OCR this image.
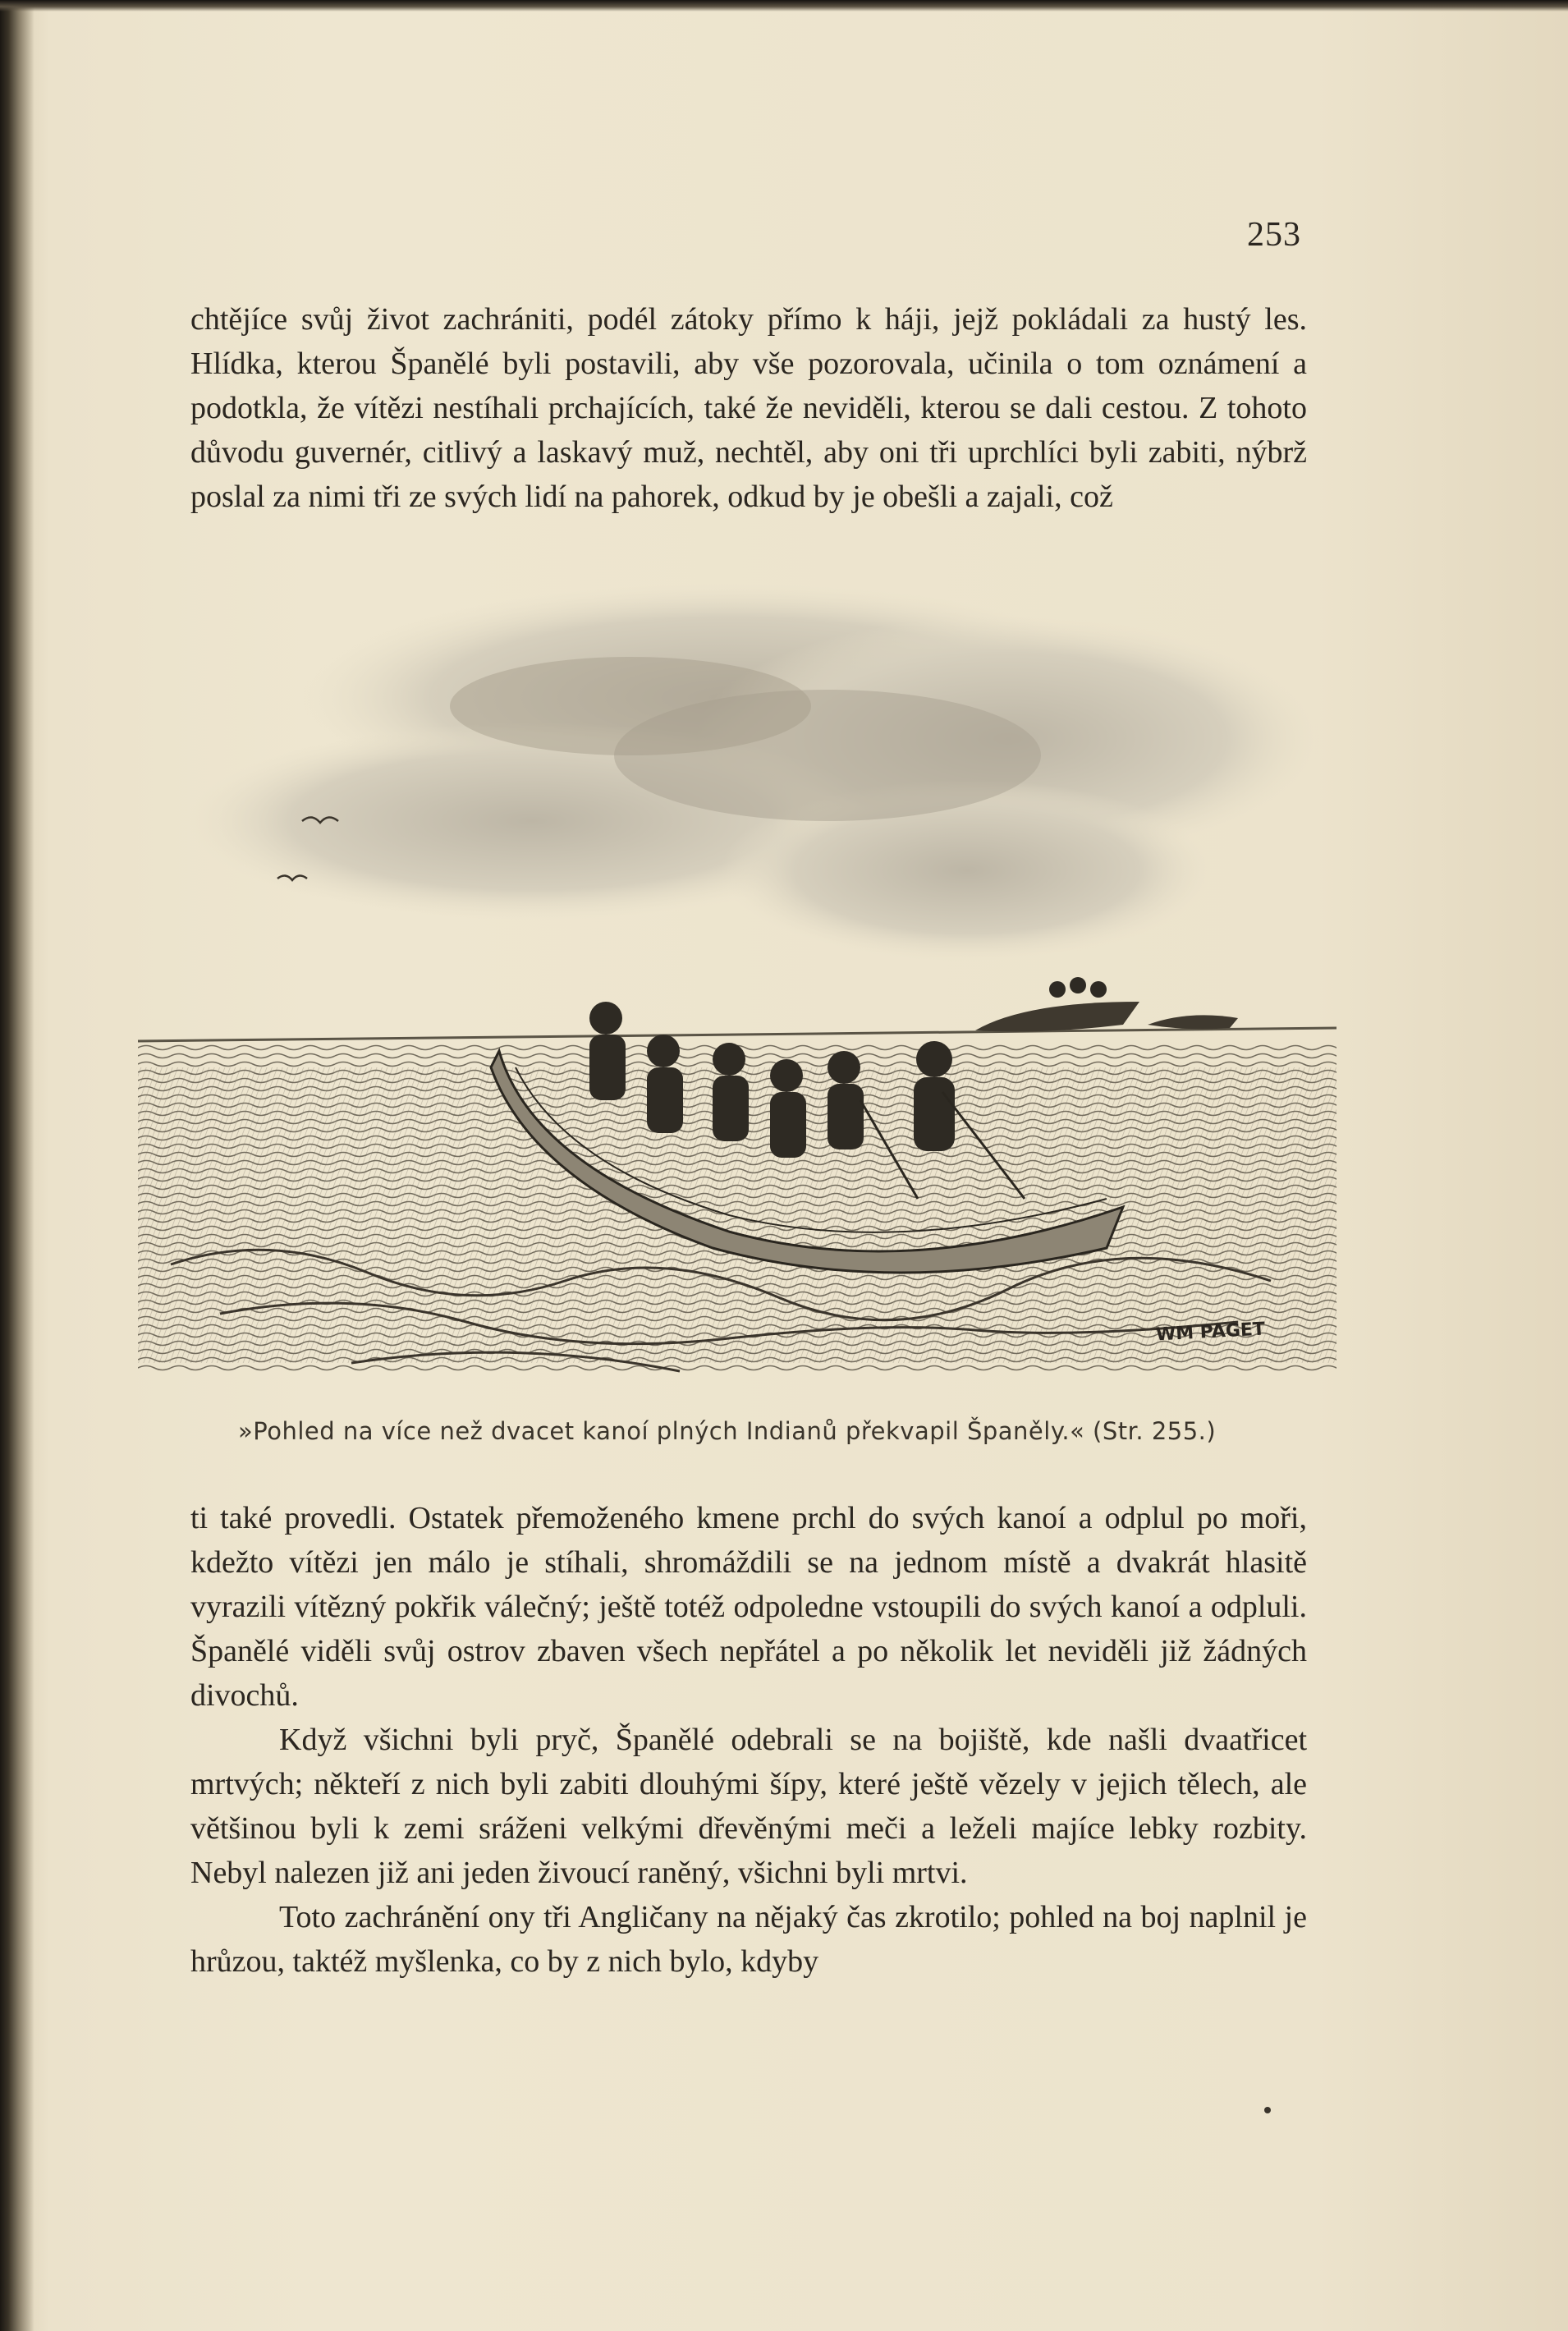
253

chtějíce svůj život zachrániti, podél zátoky přímo k háji, jejž pokládali za hustý les. Hlídka, kterou Španělé byli postavili, aby vše pozorovala, učinila o tom oznámení a podotkla, že vítězi nestíhali prchajících, také že neviděli, kterou se dali cestou. Z tohoto důvodu guvernér, citlivý a laskavý muž, nechtěl, aby oni tři uprchlíci byli zabiti, nýbrž poslal za nimi tři ze svých lidí na pahorek, odkud by je obešli a zajali, což

WM PAGET
»Pohled na více než dvacet kanoí plných Indianů překvapil Španěly.« (Str. 255.)

ti také provedli. Ostatek přemoženého kmene prchl do svých kanoí a odplul po moři, kdežto vítězi jen málo je stíhali, shromáždili se na jednom místě a dvakrát hlasitě vyrazili vítězný pokřik válečný; ještě totéž odpoledne vstoupili do svých kanoí a odpluli. Španělé viděli svůj ostrov zbaven všech nepřátel a po několik let neviděli již žádných divochů.

Když všichni byli pryč, Španělé odebrali se na bojiště, kde našli dvaatřicet mrtvých; někteří z nich byli zabiti dlouhými šípy, které ještě vězely v jejich tělech, ale většinou byli k zemi sráženi velkými dřevěnými meči a leželi majíce lebky rozbity. Nebyl nalezen již ani jeden živoucí raněný, všichni byli mrtvi.

Toto zachránění ony tři Angličany na nějaký čas zkrotilo; pohled na boj naplnil je hrůzou, taktéž myšlenka, co by z nich bylo, kdyby
